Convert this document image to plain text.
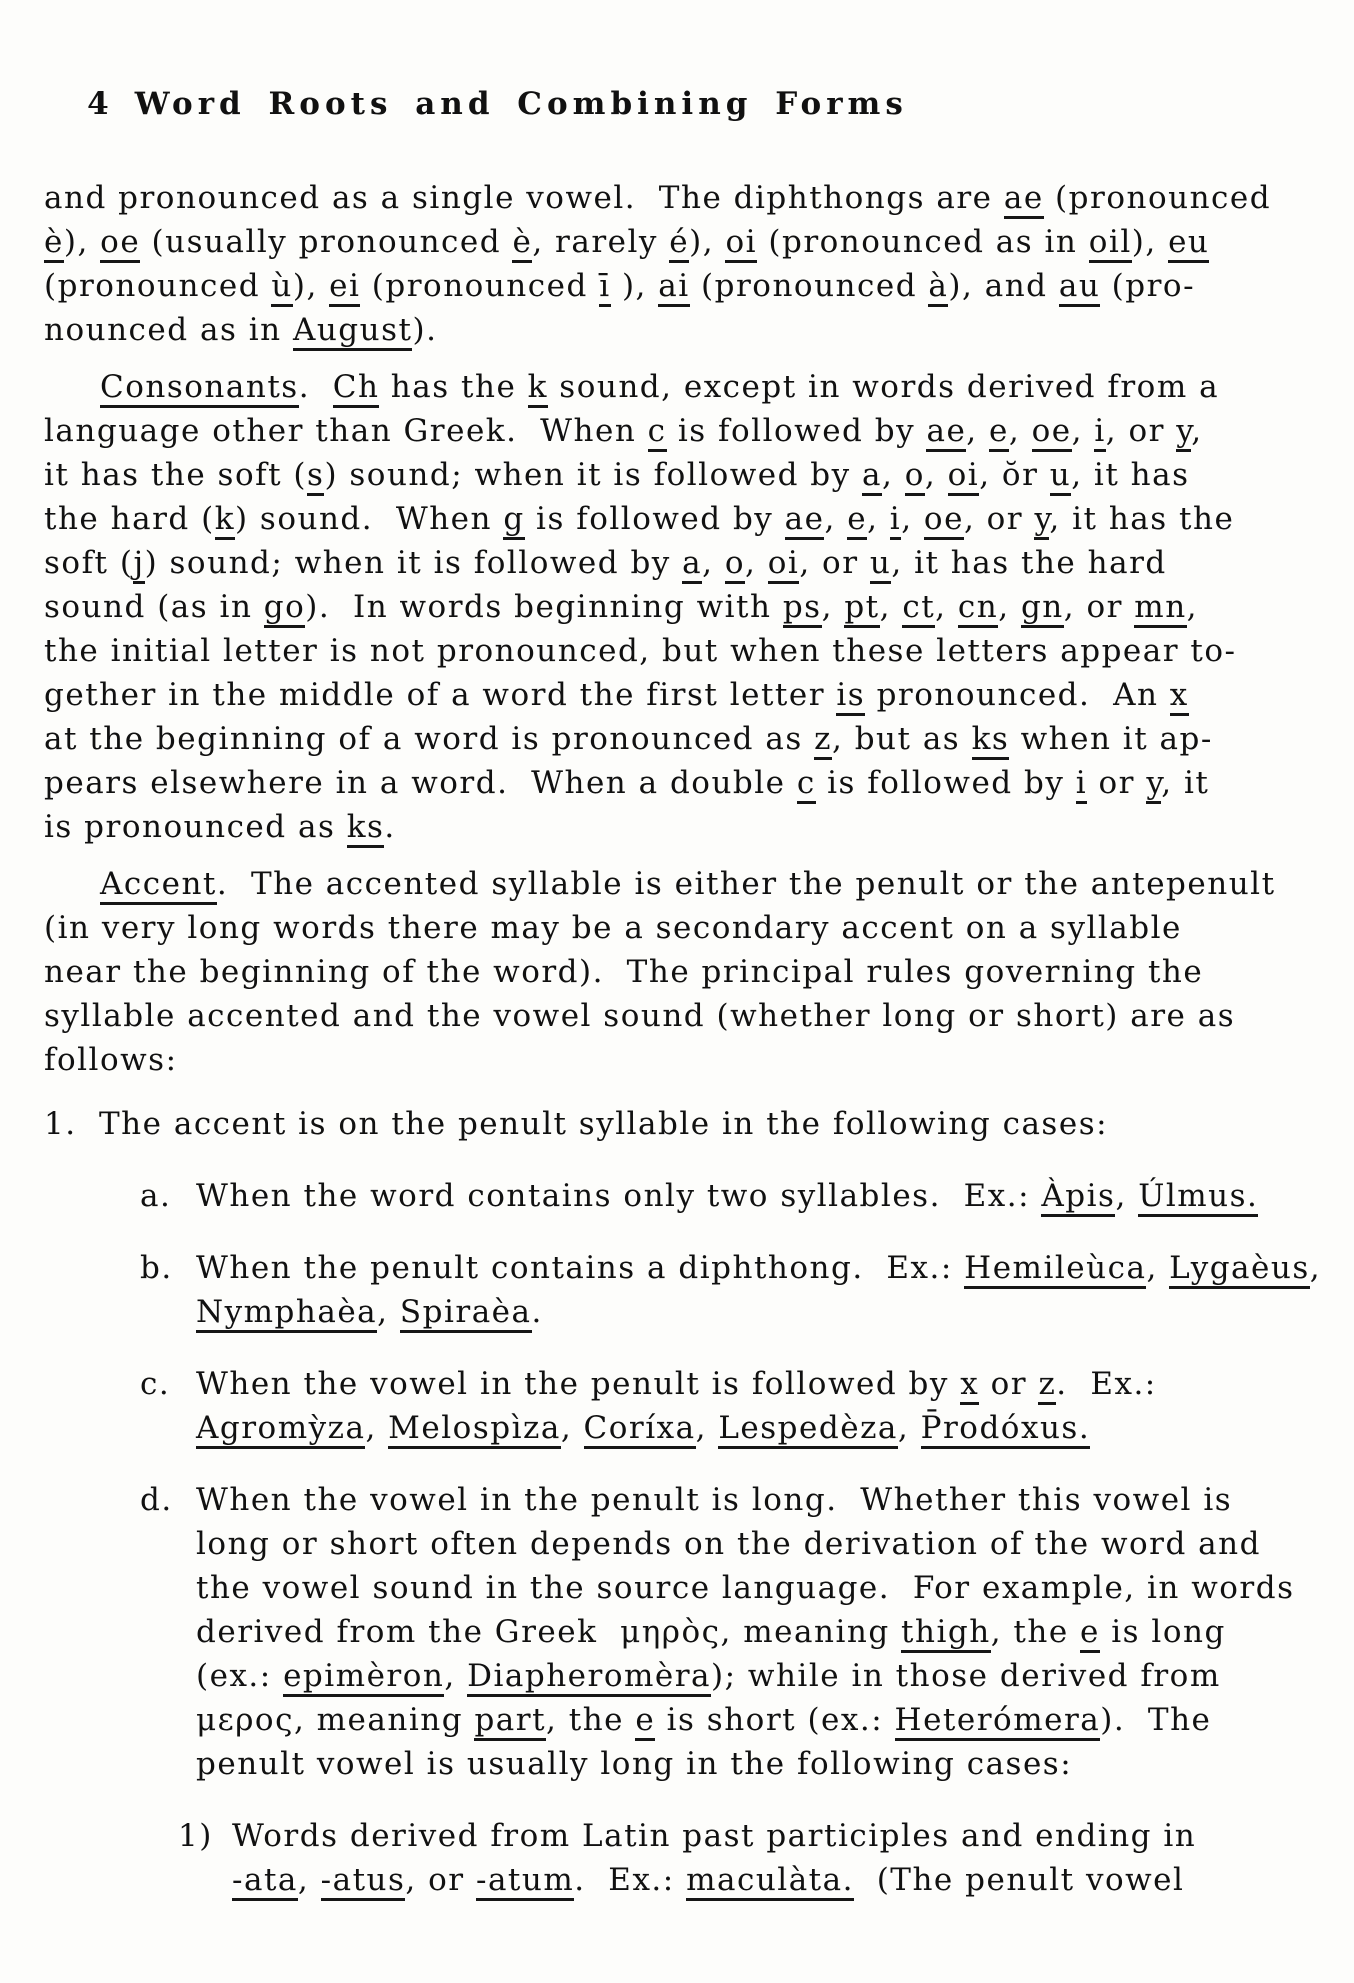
4 Word Roots and Combining Forms

and pronounced as a single vowel.  The diphthongs are ae (pronounced
è), oe (usually pronounced è, rarely é), oi (pronounced as in oil), eu
(pronounced ù), ei (pronounced ī ), ai (pronounced à), and au (pro-
nounced as in August).
Consonants.  Ch has the k sound, except in words derived from a
language other than Greek.  When c is followed by ae, e, oe, i, or y,
it has the soft (s) sound; when it is followed by a, o, oi, ŏr u, it has
the hard (k) sound.  When g is followed by ae, e, i, oe, or y, it has the
soft (j) sound; when it is followed by a, o, oi, or u, it has the hard
sound (as in go).  In words beginning with ps, pt, ct, cn, gn, or mn,
the initial letter is not pronounced, but when these letters appear to-
gether in the middle of a word the first letter is pronounced.  An x
at the beginning of a word is pronounced as z, but as ks when it ap-
pears elsewhere in a word.  When a double c is followed by i or y, it
is pronounced as ks.
Accent.  The accented syllable is either the penult or the antepenult
(in very long words there may be a secondary accent on a syllable
near the beginning of the word).  The principal rules governing the
syllable accented and the vowel sound (whether long or short) are as
follows:
1. The accent is on the penult syllable in the following cases:
a. When the word contains only two syllables.  Ex.: Àpis, Úlmus.
b. When the penult contains a diphthong.  Ex.: Hemileùca, Lygaèus,
Nymphaèa, Spiraèa.
c. When the vowel in the penult is followed by x or z.  Ex.:
Agromỳza, Melospìza, Coríxa, Lespedèza, P̄rodóxus.
d. When the vowel in the penult is long.  Whether this vowel is
long or short often depends on the derivation of the word and
the vowel sound in the source language.  For example, in words
derived from the Greek  μηρὸς, meaning thigh, the e is long
(ex.: epimèron, Diapheromèra); while in those derived from
μερος, meaning part, the e is short (ex.: Heterómera).  The
penult vowel is usually long in the following cases:
1) Words derived from Latin past participles and ending in
-ata, -atus, or -atum.  Ex.: maculàta.  (The penult vowel
